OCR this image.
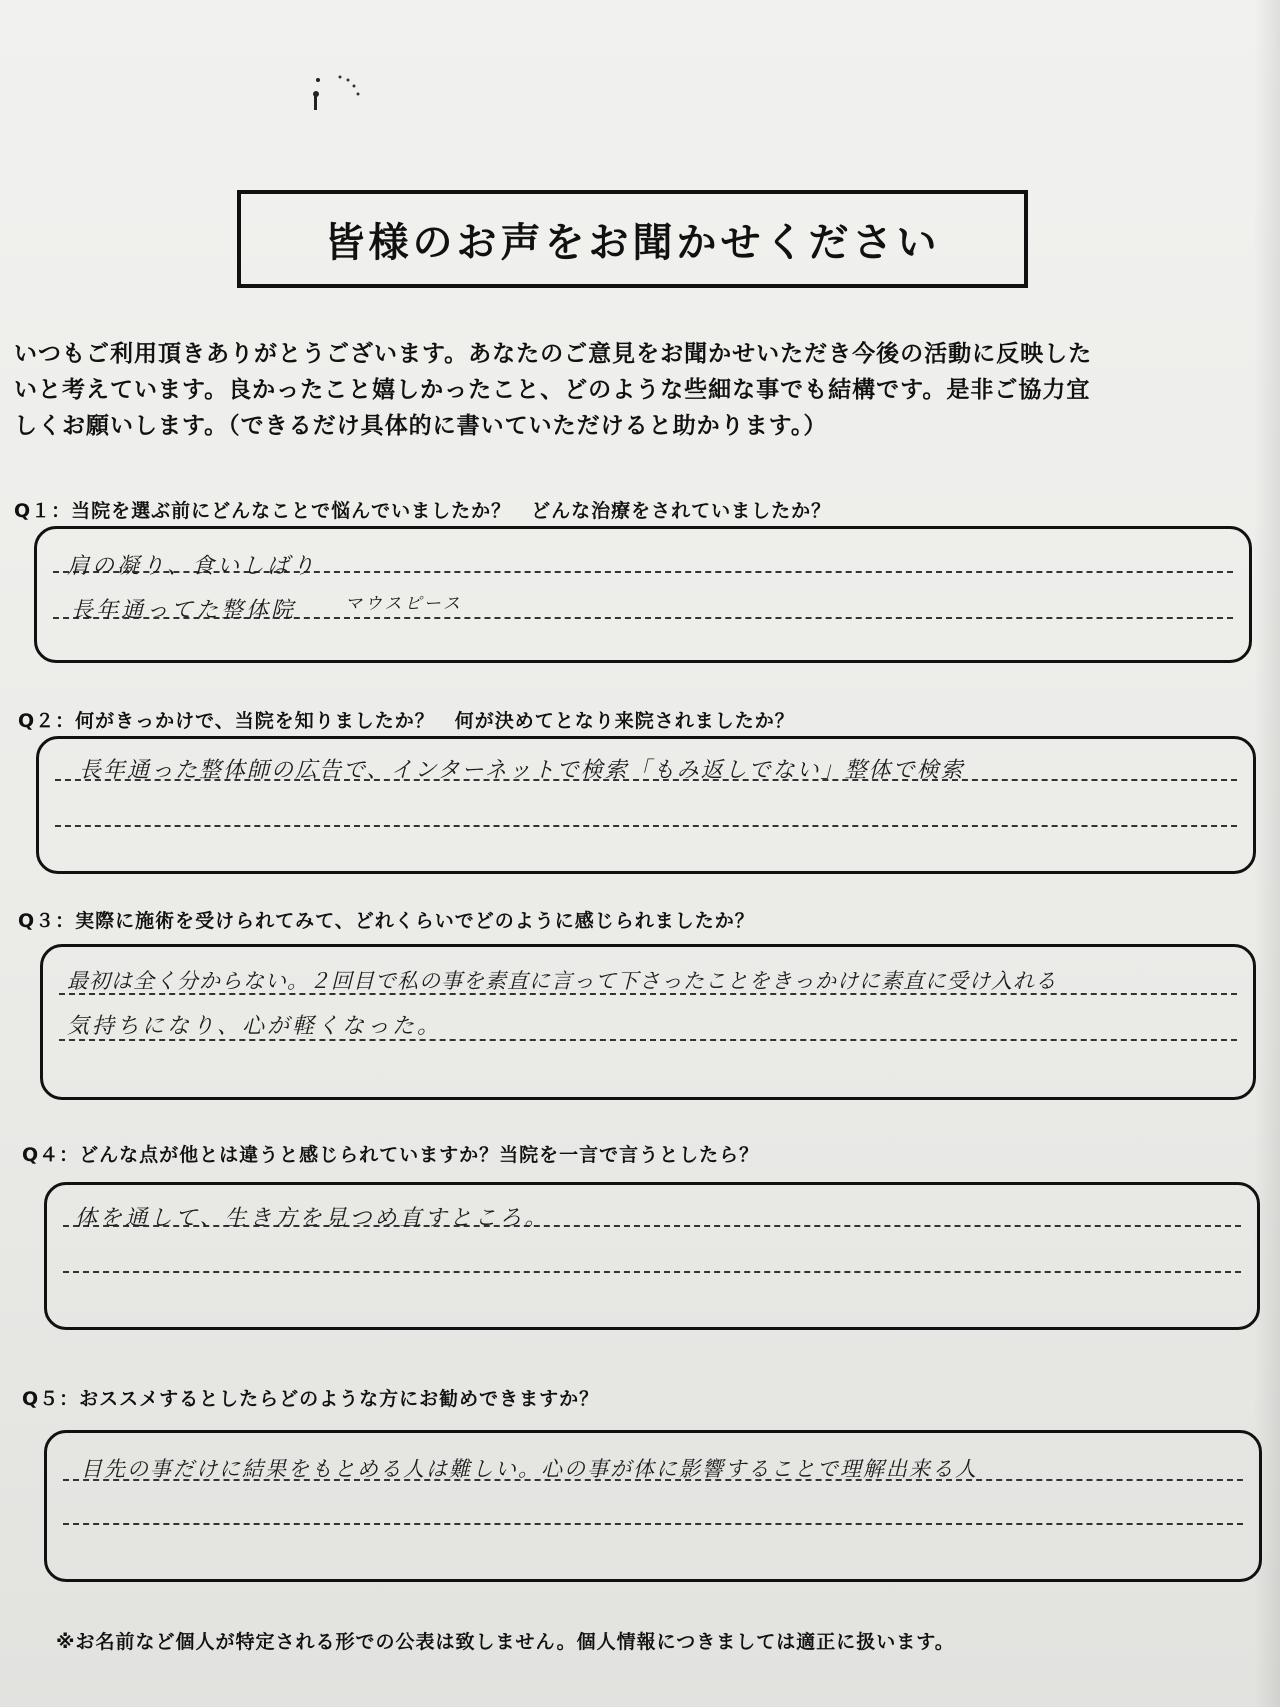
皆様のお声をお聞かせください
いつもご利用頂きありがとうございます。あなたのご意見をお聞かせいただき今後の活動に反映した
いと考えています。良かったこと嬉しかったこと、どのような些細な事でも結構です。是非ご協力宜
しくお願いします。（できるだけ具体的に書いていただけると助かります。）
Q１：当院を選ぶ前にどんなことで悩んでいましたか？　どんな治療をされていましたか？
肩の凝り、食いしばり
長年通ってた整体院	マウスピース
Q２：何がきっかけで、当院を知りましたか？　何が決めてとなり来院されましたか？
長年通った整体師の広告で、インターネットで検索「もみ返しでない」整体で検索
Q３：実際に施術を受けられてみて、どれくらいでどのように感じられましたか？
最初は全く分からない。２回目で私の事を素直に言って下さったことをきっかけに素直に受け入れる
気持ちになり、心が軽くなった。
Q４：どんな点が他とは違うと感じられていますか？当院を一言で言うとしたら？
体を通して、生き方を見つめ直すところ。
Q５：おススメするとしたらどのような方にお勧めできますか？
目先の事だけに結果をもとめる人は難しい。心の事が体に影響することで理解出来る人
※お名前など個人が特定される形での公表は致しません。個人情報につきましては適正に扱います。
